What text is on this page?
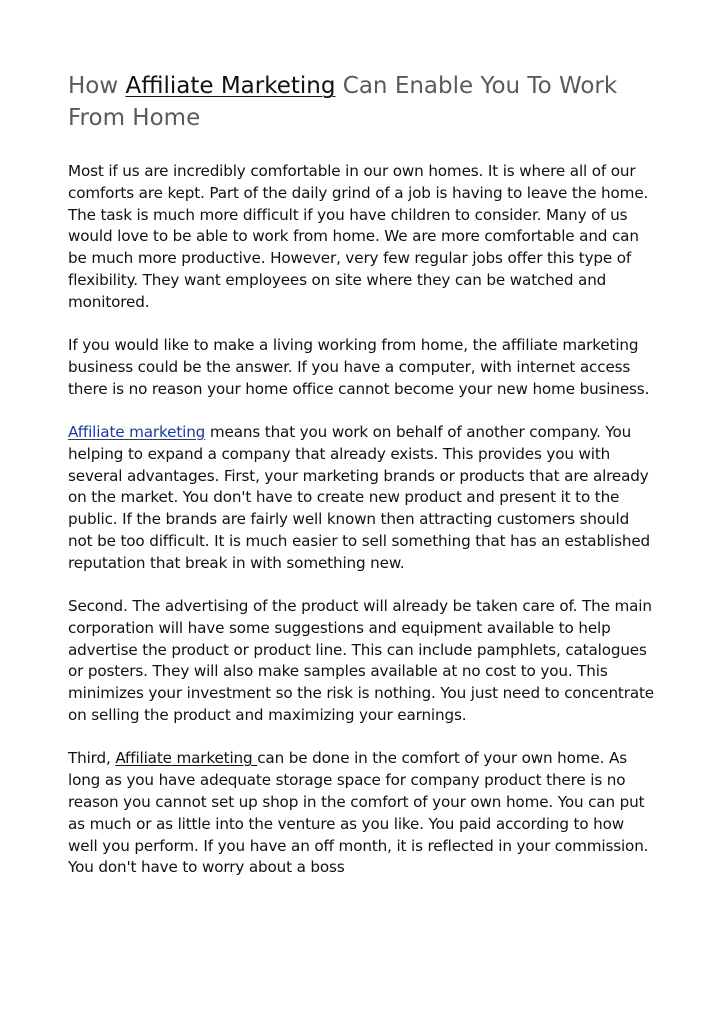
How Affiliate Marketing Can Enable You To Work From Home

Most if us are incredibly comfortable in our own homes. It is where all of our comforts are kept. Part of the daily grind of a job is having to leave the home. The task is much more difficult if you have children to consider. Many of us would love to be able to work from home. We are more comfortable and can be much more productive. However, very few regular jobs offer this type of flexibility. They want employees on site where they can be watched and monitored.

If you would like to make a living working from home, the affiliate marketing business could be the answer. If you have a computer, with internet access there is no reason your home office cannot become your new home business.

Affiliate marketing means that you work on behalf of another company. You helping to expand a company that already exists. This provides you with several advantages. First, your marketing brands or products that are already on the market. You don't have to create new product and present it to the public. If the brands are fairly well known then attracting customers should not be too difficult. It is much easier to sell something that has an established reputation that break in with something new.

Second. The advertising of the product will already be taken care of. The main corporation will have some suggestions and equipment available to help advertise the product or product line. This can include pamphlets, catalogues or posters. They will also make samples available at no cost to you. This minimizes your investment so the risk is nothing. You just need to concentrate on selling the product and maximizing your earnings.

Third, Affiliate marketing can be done in the comfort of your own home. As long as you have adequate storage space for company product there is no reason you cannot set up shop in the comfort of your own home. You can put as much or as little into the venture as you like. You paid according to how well you perform. If you have an off month, it is reflected in your commission. You don't have to worry about a boss
